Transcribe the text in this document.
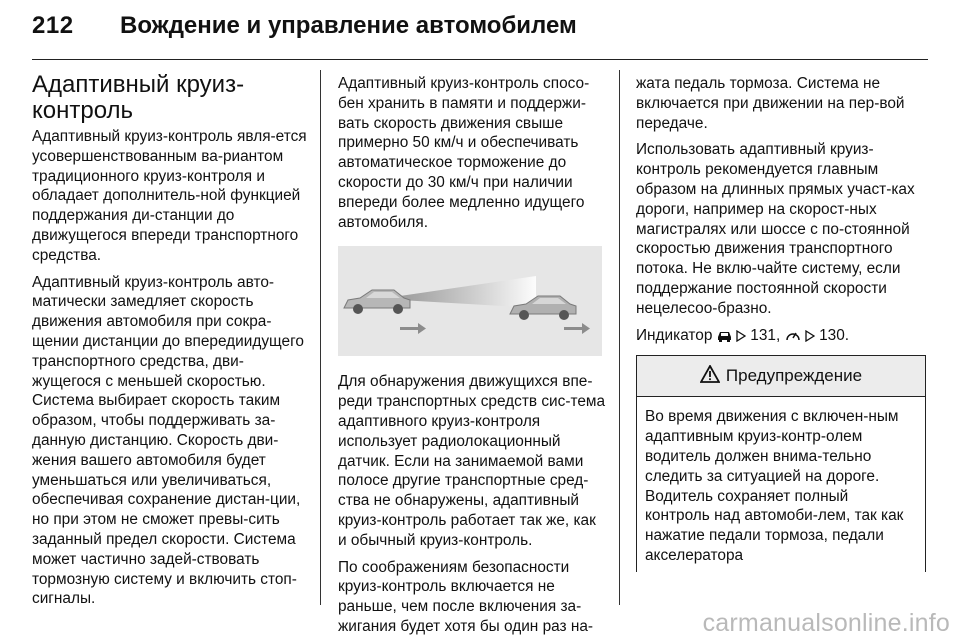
212 Вождение и управление автомобилем
Адаптивный круиз-контроль

Адаптивный круиз-контроль явля-ется усовершенствованным ва-риантом традиционного круиз-контроля и обладает дополнитель-ной функцией поддержания ди-станции до движущегося впереди транспортного средства.

Адаптивный круиз-контроль авто-матически замедляет скорость движения автомобиля при сокра-щении дистанции до впередиидущего транспортного средства, дви-жущегося с меньшей скоростью. Система выбирает скорость таким образом, чтобы поддерживать за-данную дистанцию. Скорость дви-жения вашего автомобиля будет уменьшаться или увеличиваться, обеспечивая сохранение дистан-ции, но при этом не сможет превы-сить заданный предел скорости. Система может частично задей-ствовать тормозную систему и включить стоп-сигналы.

Адаптивный круиз-контроль спосо-бен хранить в памяти и поддержи-вать скорость движения свыше примерно 50 км/ч и обеспечивать автоматическое торможение до скорости до 30 км/ч при наличии впереди более медленно идущего автомобиля.

Для обнаружения движущихся впе-реди транспортных средств сис-тема адаптивного круиз-контроля использует радиолокационный датчик. Если на занимаемой вами полосе другие транспортные сред-ства не обнаружены, адаптивный круиз-контроль работает так же, как и обычный круиз-контроль.

По соображениям безопасности круиз-контроль включается не раньше, чем после включения за-жигания будет хотя бы один раз на-

жата педаль тормоза. Система не включается при движении на пер-вой передаче.

Использовать адаптивный круиз-контроль рекомендуется главным образом на длинных прямых участ-ках дороги, например на скорост-ных магистралях или шоссе с по-стоянной скоростью движения транспортного потока. Не вклю-чайте систему, если поддержание постоянной скорости нецелесоо-бразно.

Индикатор 131,	130.

Предупреждение
Во время движения с включен-ным адаптивным круиз-контр-олем водитель должен внима-тельно следить за ситуацией на дороге. Водитель сохраняет полный контроль над автомоби-лем, так как нажатие педали тормоза, педали акселератора
carmanualsonline.info
